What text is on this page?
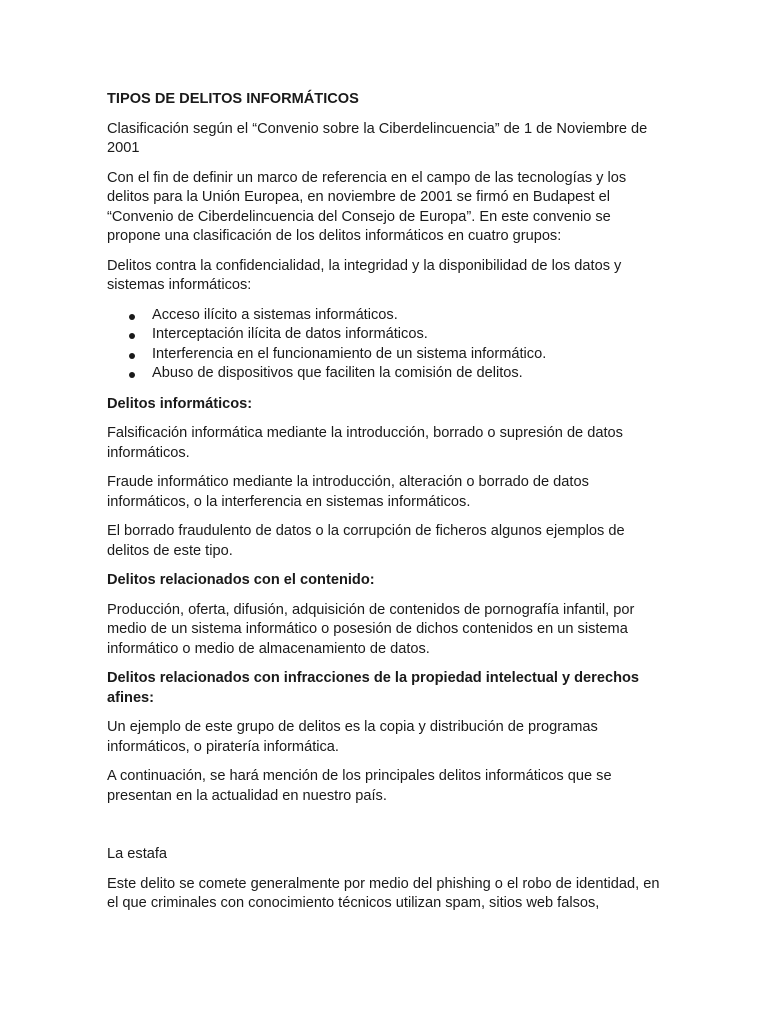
TIPOS DE DELITOS INFORMÁTICOS
Clasificación según el “Convenio sobre la Ciberdelincuencia” de 1 de Noviembre de 2001
Con el fin de definir un marco de referencia en el campo de las tecnologías y los delitos para la Unión Europea, en noviembre de 2001 se firmó en Budapest el “Convenio de Ciberdelincuencia del Consejo de Europa”. En este convenio se propone una clasificación de los delitos informáticos en cuatro grupos:
Delitos contra la confidencialidad, la integridad y la disponibilidad de los datos y sistemas informáticos:
Acceso ilícito a sistemas informáticos.
Interceptación ilícita de datos informáticos.
Interferencia en el funcionamiento de un sistema informático.
Abuso de dispositivos que faciliten la comisión de delitos.
Delitos informáticos:
Falsificación informática mediante la introducción, borrado o supresión de datos informáticos.
Fraude informático mediante la introducción, alteración o borrado de datos informáticos, o la interferencia en sistemas informáticos.
El borrado fraudulento de datos o la corrupción de ficheros algunos ejemplos de delitos de este tipo.
Delitos relacionados con el contenido:
Producción, oferta, difusión, adquisición de contenidos de pornografía infantil, por medio de un sistema informático o posesión de dichos contenidos en un sistema informático o medio de almacenamiento de datos.
Delitos relacionados con infracciones de la propiedad intelectual y derechos afines:
Un ejemplo de este grupo de delitos es la copia y distribución de programas informáticos, o piratería informática.
A continuación, se hará mención de los principales delitos informáticos que se presentan en la actualidad en nuestro país.
La estafa
Este delito se comete generalmente por medio del phishing o el robo de identidad, en el que criminales con conocimiento técnicos utilizan spam, sitios web falsos,
